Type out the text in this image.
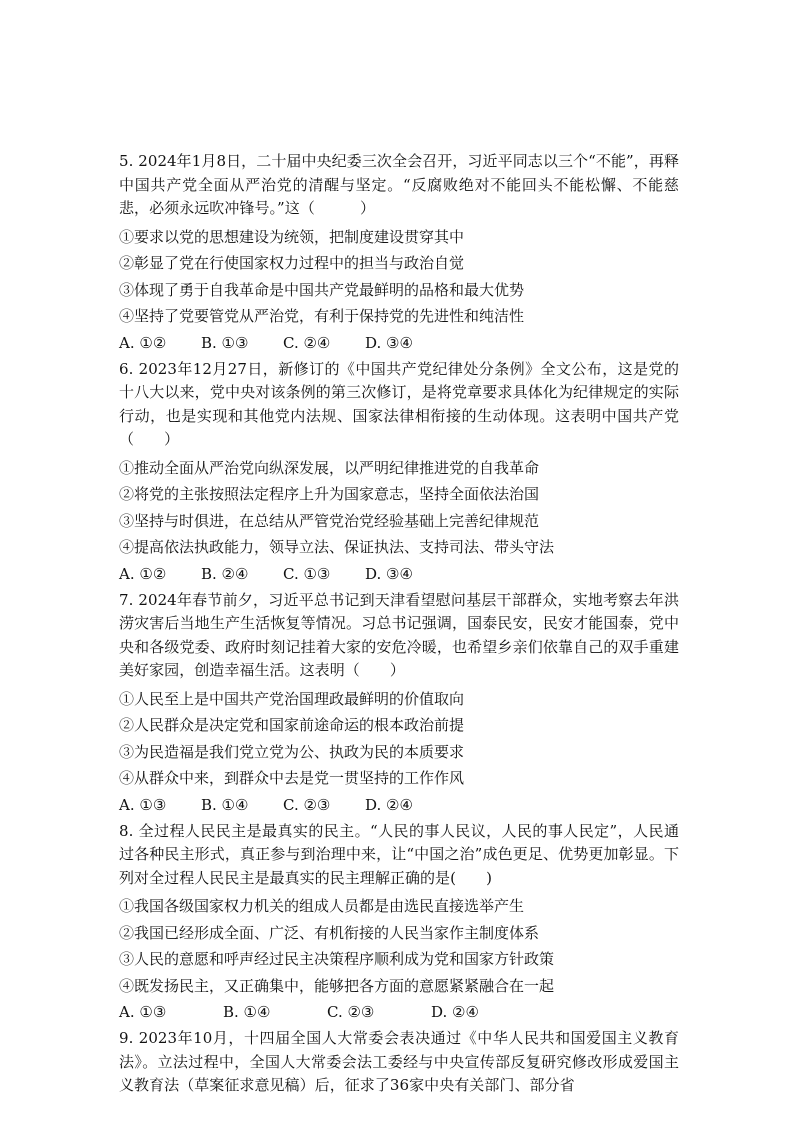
5. 2024年1月8日，二十届中央纪委三次全会召开，习近平同志以三个“不能”，再释中国共产党全面从严治党的清醒与坚定。“反腐败绝对不能回头不能松懈、不能慈悲，必须永远吹冲锋号。”这（　　　）

①要求以党的思想建设为统领，把制度建设贯穿其中

②彰显了党在行使国家权力过程中的担当与政治自觉

③体现了勇于自我革命是中国共产党最鲜明的品格和最大优势

④坚持了党要管党从严治党，有利于保持党的先进性和纯洁性

A. ①②	B. ①③	C. ②④	D. ③④

6. 2023年12月27日，新修订的《中国共产党纪律处分条例》全文公布，这是党的十八大以来，党中央对该条例的第三次修订，是将党章要求具体化为纪律规定的实际行动，也是实现和其他党内法规、国家法律相衔接的生动体现。这表明中国共产党（　　）

①推动全面从严治党向纵深发展，以严明纪律推进党的自我革命

②将党的主张按照法定程序上升为国家意志，坚持全面依法治国

③坚持与时俱进，在总结从严管党治党经验基础上完善纪律规范

④提高依法执政能力，领导立法、保证执法、支持司法、带头守法

A. ①②	B. ②④	C. ①③	D. ③④

7. 2024年春节前夕，习近平总书记到天津看望慰问基层干部群众，实地考察去年洪涝灾害后当地生产生活恢复等情况。习总书记强调，国泰民安，民安才能国泰，党中央和各级党委、政府时刻记挂着大家的安危冷暖，也希望乡亲们依靠自己的双手重建美好家园，创造幸福生活。这表明（　　）

①人民至上是中国共产党治国理政最鲜明的价值取向

②人民群众是决定党和国家前途命运的根本政治前提

③为民造福是我们党立党为公、执政为民的本质要求

④从群众中来，到群众中去是党一贯坚持的工作作风

A. ①③	B. ①④	C. ②③	D. ②④

8. 全过程人民民主是最真实的民主。“人民的事人民议，人民的事人民定”，人民通过各种民主形式，真正参与到治理中来，让“中国之治”成色更足、优势更加彰显。下列对全过程人民民主是最真实的民主理解正确的是(　　)

①我国各级国家权力机关的组成人员都是由选民直接选举产生

②我国已经形成全面、广泛、有机衔接的人民当家作主制度体系

③人民的意愿和呼声经过民主决策程序顺利成为党和国家方针政策

④既发扬民主，又正确集中，能够把各方面的意愿紧紧融合在一起

A. ①③	B. ①④	C. ②③	D. ②④

9. 2023年10月，十四届全国人大常委会表决通过《中华人民共和国爱国主义教育法》。立法过程中，全国人大常委会法工委经与中央宣传部反复研究修改形成爱国主义教育法（草案征求意见稿）后，征求了36家中央有关部门、部分省
